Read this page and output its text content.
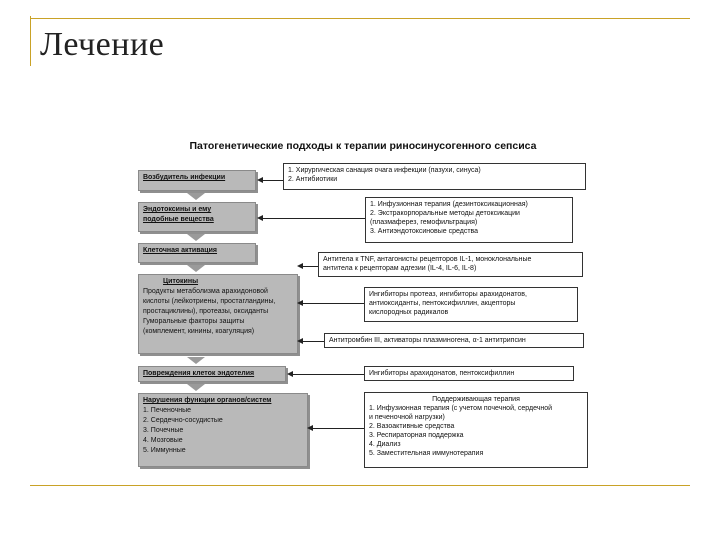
Лечение
Патогенетические подходы к терапии риносинусогенного сепсиса
Возбудитель инфекции
Эндотоксины и ему
подобные вещества
Клеточная активация
Цитокины
Продукты метаболизма арахидоновой
кислоты (лейкотриены, простагландины,
простациклины), протеазы, оксиданты
Гуморальные факторы защиты
(комплемент, кинины, коагуляция)
Повреждения клеток эндотелия
Нарушения функции органов/систем
1. Печеночные
2. Сердечно-сосудистые
3. Почечные
4. Мозговые
5. Иммунные
1. Хирургическая санация очага инфекции (пазухи, синуса)
2. Антибиотики
1. Инфузионная терапия (дезинтоксикационная)
2. Экстракорпоральные методы детоксикации
(плазмаферез, гемофильтрация)
3. Антиэндотоксиновые средства
Антитела к TNF, антагонисты рецепторов IL-1, моноклональные
антитела к рецепторам адгезии (IL-4, IL-6, IL-8)
Ингибиторы протеаз, ингибиторы арахидонатов,
антиоксиданты, пентоксифиллин, акцепторы
кислородных радикалов
Антитромбин III, активаторы плазминогена, α-1 антитрипсин
Ингибиторы арахидонатов, пентоксифиллин
Поддерживающая терапия
1. Инфузионная терапия (с учетом почечной, сердечной
и печеночной нагрузки)
2. Вазоактивные средства
3. Респираторная поддержка
4. Диализ
5. Заместительная иммунотерапия
